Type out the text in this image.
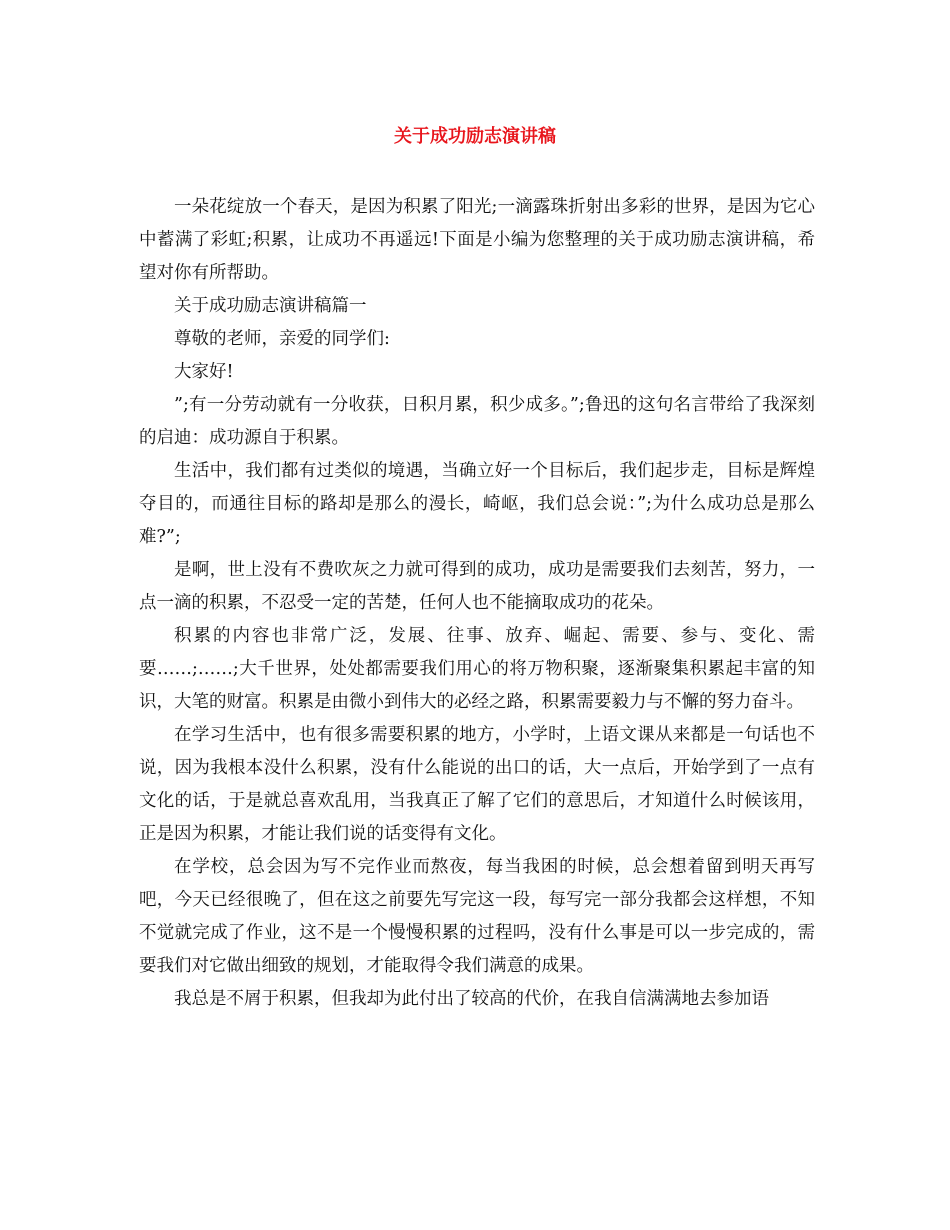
关于成功励志演讲稿

一朵花绽放一个春天，是因为积累了阳光;一滴露珠折射出多彩的世界，是因为它心中蓄满了彩虹;积累，让成功不再遥远!下面是小编为您整理的关于成功励志演讲稿，希望对你有所帮助。

关于成功励志演讲稿篇一

尊敬的老师，亲爱的同学们:

大家好!

”;有一分劳动就有一分收获，日积月累，积少成多。”;鲁迅的这句名言带给了我深刻的启迪：成功源自于积累。

生活中，我们都有过类似的境遇，当确立好一个目标后，我们起步走，目标是辉煌夺目的，而通往目标的路却是那么的漫长，崎岖，我们总会说：”;为什么成功总是那么难?”;

是啊，世上没有不费吹灰之力就可得到的成功，成功是需要我们去刻苦，努力，一点一滴的积累，不忍受一定的苦楚，任何人也不能摘取成功的花朵。

积累的内容也非常广泛，发展、往事、放弃、崛起、需要、参与、变化、需要……;……;大千世界，处处都需要我们用心的将万物积聚，逐渐聚集积累起丰富的知识，大笔的财富。积累是由微小到伟大的必经之路，积累需要毅力与不懈的努力奋斗。

在学习生活中，也有很多需要积累的地方，小学时，上语文课从来都是一句话也不说，因为我根本没什么积累，没有什么能说的出口的话，大一点后，开始学到了一点有文化的话，于是就总喜欢乱用，当我真正了解了它们的意思后，才知道什么时候该用，正是因为积累，才能让我们说的话变得有文化。

在学校，总会因为写不完作业而熬夜，每当我困的时候，总会想着留到明天再写吧，今天已经很晚了，但在这之前要先写完这一段，每写完一部分我都会这样想，不知不觉就完成了作业，这不是一个慢慢积累的过程吗，没有什么事是可以一步完成的，需要我们对它做出细致的规划，才能取得令我们满意的成果。

我总是不屑于积累，但我却为此付出了较高的代价，在我自信满满地去参加语
